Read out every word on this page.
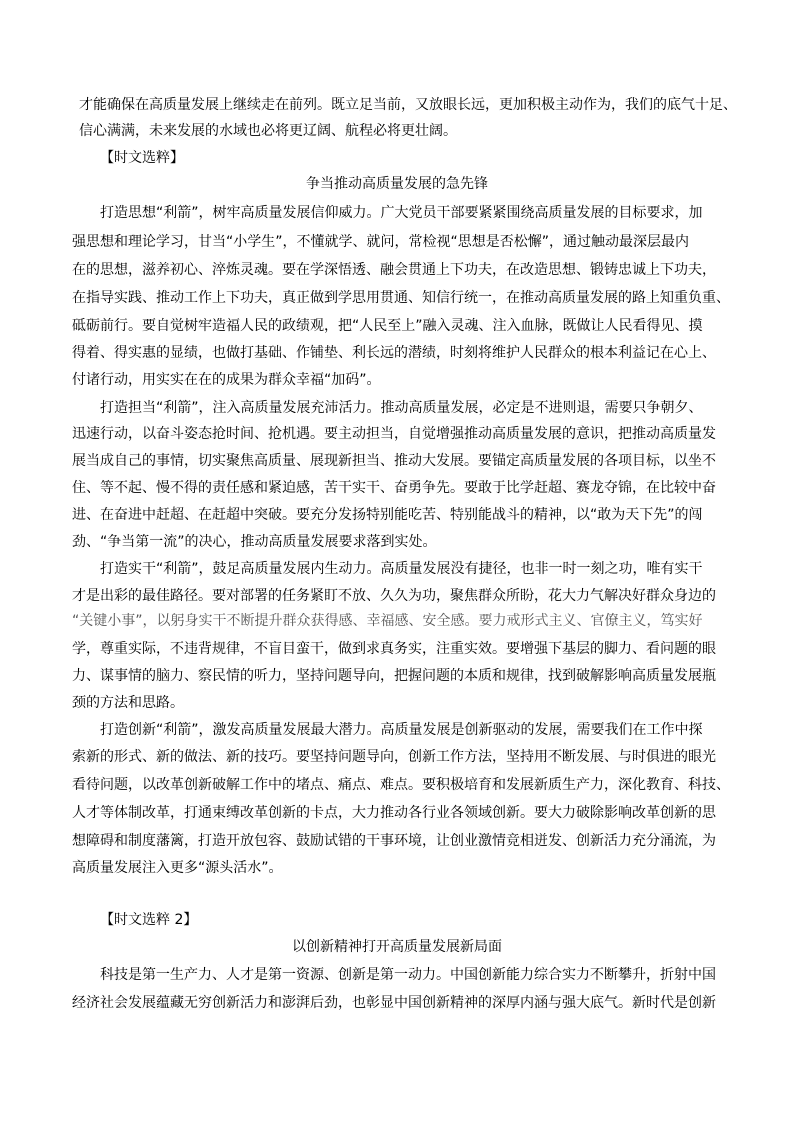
才能确保在高质量发展上继续走在前列。既立足当前，又放眼长远，更加积极主动作为，我们的底气十足、
信心满满，未来发展的水域也必将更辽阔、航程必将更壮阔。
【时文选粹】
争当推动高质量发展的急先锋
打造思想“利箭”，树牢高质量发展信仰威力。广大党员干部要紧紧围绕高质量发展的目标要求，加
强思想和理论学习，甘当“小学生”，不懂就学、就问，常检视“思想是否松懈”，通过触动最深层最内
在的思想，滋养初心、淬炼灵魂。要在学深悟透、融会贯通上下功夫，在改造思想、锻铸忠诚上下功夫，
在指导实践、推动工作上下功夫，真正做到学思用贯通、知信行统一，在推动高质量发展的路上知重负重、
砥砺前行。要自觉树牢造福人民的政绩观，把“人民至上”融入灵魂、注入血脉，既做让人民看得见、摸
得着、得实惠的显绩，也做打基础、作铺垫、利长远的潜绩，时刻将维护人民群众的根本利益记在心上、
付诸行动，用实实在在的成果为群众幸福“加码”。
打造担当“利箭”，注入高质量发展充沛活力。推动高质量发展，必定是不进则退，需要只争朝夕、
迅速行动，以奋斗姿态抢时间、抢机遇。要主动担当，自觉增强推动高质量发展的意识，把推动高质量发
展当成自己的事情，切实聚焦高质量、展现新担当、推动大发展。要锚定高质量发展的各项目标，以坐不
住、等不起、慢不得的责任感和紧迫感，苦干实干、奋勇争先。要敢于比学赶超、赛龙夺锦，在比较中奋
进、在奋进中赶超、在赶超中突破。要充分发扬特别能吃苦、特别能战斗的精神，以“敢为天下先”的闯
劲、“争当第一流”的决心，推动高质量发展要求落到实处。
打造实干“利箭”，鼓足高质量发展内生动力。高质量发展没有捷径，也非一时一刻之功，唯有实干
才是出彩的最佳路径。要对部署的任务紧盯不放、久久为功，聚焦群众所盼，花大力气解决好群众身边的
“关键小事”，以躬身实干不断提升群众获得感、幸福感、安全感。要力戒形式主义、官僚主义，笃实好
学，尊重实际，不违背规律，不盲目蛮干，做到求真务实，注重实效。要增强下基层的脚力、看问题的眼
力、谋事情的脑力、察民情的听力，坚持问题导向，把握问题的本质和规律，找到破解影响高质量发展瓶
颈的方法和思路。
打造创新“利箭”，激发高质量发展最大潜力。高质量发展是创新驱动的发展，需要我们在工作中探
索新的形式、新的做法、新的技巧。要坚持问题导向，创新工作方法，坚持用不断发展、与时俱进的眼光
看待问题，以改革创新破解工作中的堵点、痛点、难点。要积极培育和发展新质生产力，深化教育、科技、
人才等体制改革，打通束缚改革创新的卡点，大力推动各行业各领域创新。要大力破除影响改革创新的思
想障碍和制度藩篱，打造开放包容、鼓励试错的干事环境，让创业激情竞相迸发、创新活力充分涌流，为
高质量发展注入更多“源头活水”。
【时文选粹 2】
以创新精神打开高质量发展新局面
科技是第一生产力、人才是第一资源、创新是第一动力。中国创新能力综合实力不断攀升，折射中国
经济社会发展蕴藏无穷创新活力和澎湃后劲，也彰显中国创新精神的深厚内涵与强大底气。新时代是创新
